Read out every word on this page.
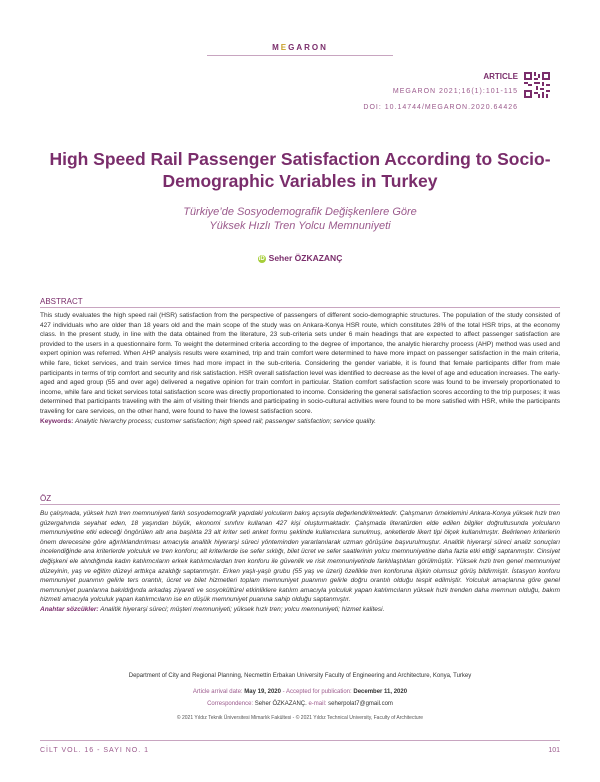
MEGARON
ARTICLE
MEGARON 2021;16(1):101-115
DOI: 10.14744/MEGARON.2020.64426
High Speed Rail Passenger Satisfaction According to Socio-Demographic Variables in Turkey
Türkiye’de Sosyodemografik Değişkenlere Göre
Yüksek Hızlı Tren Yolcu Memnuniyeti
iD Seher ÖZKAZANÇ
ABSTRACT
This study evaluates the high speed rail (HSR) satisfaction from the perspective of passengers of different socio-demographic structures. The population of the study consisted of 427 individuals who are older than 18 years old and the main scope of the study was on Ankara-Konya HSR route, which constitutes 28% of the total HSR trips, at the economy class. In the present study, in line with the data obtained from the literature, 23 sub-criteria sets under 6 main headings that are expected to affect passenger satisfaction are provided to the users in a questionnaire form. To weight the determined criteria according to the degree of importance, the analytic hierarchy process (AHP) method was used and expert opinion was referred. When AHP analysis results were examined, trip and train comfort were determined to have more impact on passenger satisfaction in the main criteria, while fare, ticket services, and train service times had more impact in the sub-criteria. Considering the gender variable, it is found that female participants differ from male participants in terms of trip comfort and security and risk satisfaction. HSR overall satisfaction level was identified to decrease as the level of age and education increases. The early-aged and aged group (55 and over age) delivered a negative opinion for train comfort in particular. Station comfort satisfaction score was found to be inversely proportionated to income, while fare and ticket services total satisfaction score was directly proportionated to income. Considering the general satisfaction scores according to the trip purposes; it was determined that participants traveling with the aim of visiting their friends and participating in socio-cultural activities were found to be more satisfied with HSR, while the participants traveling for care services, on the other hand, were found to have the lowest satisfaction score.
Keywords: Analytic hierarchy process; customer satisfaction; high speed rail; passenger satisfaction; service quality.
ÖZ
Bu çalışmada, yüksek hızlı tren memnuniyeti farklı sosyodemografik yapıdaki yolcuların bakış açısıyla değerlendirilmektedir. Çalışmanın örneklemini Ankara-Konya yüksek hızlı tren güzergahında seyahat eden, 18 yaşından büyük, ekonomi sınıfını kullanan 427 kişi oluşturmaktadır. Çalışmada literatürden elde edilen bilgiler doğrultusunda yolcuların memnuniyetine etki edeceği öngörülen altı ana başlıkta 23 alt kriter seti anket formu şeklinde kullanıcılara sunulmuş, anketlerde likert tipi ölçek kullanılmıştır. Belirlenen kriterlerin önem derecesine göre ağırlıklandırılması amacıyla analitik hiyerarşi süreci yönteminden yararlanılarak uzman görüşüne başvurulmuştur. Analitik hiyerarşi süreci analiz sonuçları incelendiğinde ana kriterlerde yolculuk ve tren konforu; alt kriterlerde ise sefer sıklığı, bilet ücret ve sefer saatlerinin yolcu memnuniyetine daha fazla etki ettiği saptanmıştır. Cinsiyet değişkeni ele alındığında kadın katılımcıların erkek katılımcılardan tren konforu ile güvenlik ve risk memnuniyetinde farklılaştıkları görülmüştür. Yüksek hızlı tren genel memnuniyet düzeyinin, yaş ve eğitim düzeyi arttıkça azaldığı saptanmıştır. Erken yaşlı-yaşlı grubu (55 yaş ve üzeri) özellikle tren konforuna ilişkin olumsuz görüş bildirmiştir. İstasyon konforu memnuniyet puanının gelirle ters orantılı, ücret ve bilet hizmetleri toplam memnuniyet puanının gelirle doğru orantılı olduğu tespit edilmiştir. Yolculuk amaçlarına göre genel memnuniyet puanlarına bakıldığında arkadaş ziyareti ve sosyokültürel etkinliklere katılım amacıyla yolculuk yapan katılımcıların yüksek hızlı trenden daha memnun olduğu, bakım hizmeti amacıyla yolculuk yapan katılımcıların ise en düşük memnuniyet puanına sahip olduğu saptanmıştır.
Anahtar sözcükler: Analitik hiyerarşi süreci; müşteri memnuniyeti; yüksek hızlı tren; yolcu memnuniyeti; hizmet kalitesi.
Department of City and Regional Planning, Necmettin Erbakan University Faculty of Engineering and Architecture, Konya, Turkey
Article arrival date: May 19, 2020 - Accepted for publication: December 11, 2020
Correspondence: Seher ÖZKAZANÇ. e-mail: seherpolat7@gmail.com
© 2021 Yıldız Teknik Üniversitesi Mimarlık Fakültesi - © 2021 Yıldız Technical University, Faculty of Architecture
CİLT VOL. 16 - SAYI NO. 1	101
